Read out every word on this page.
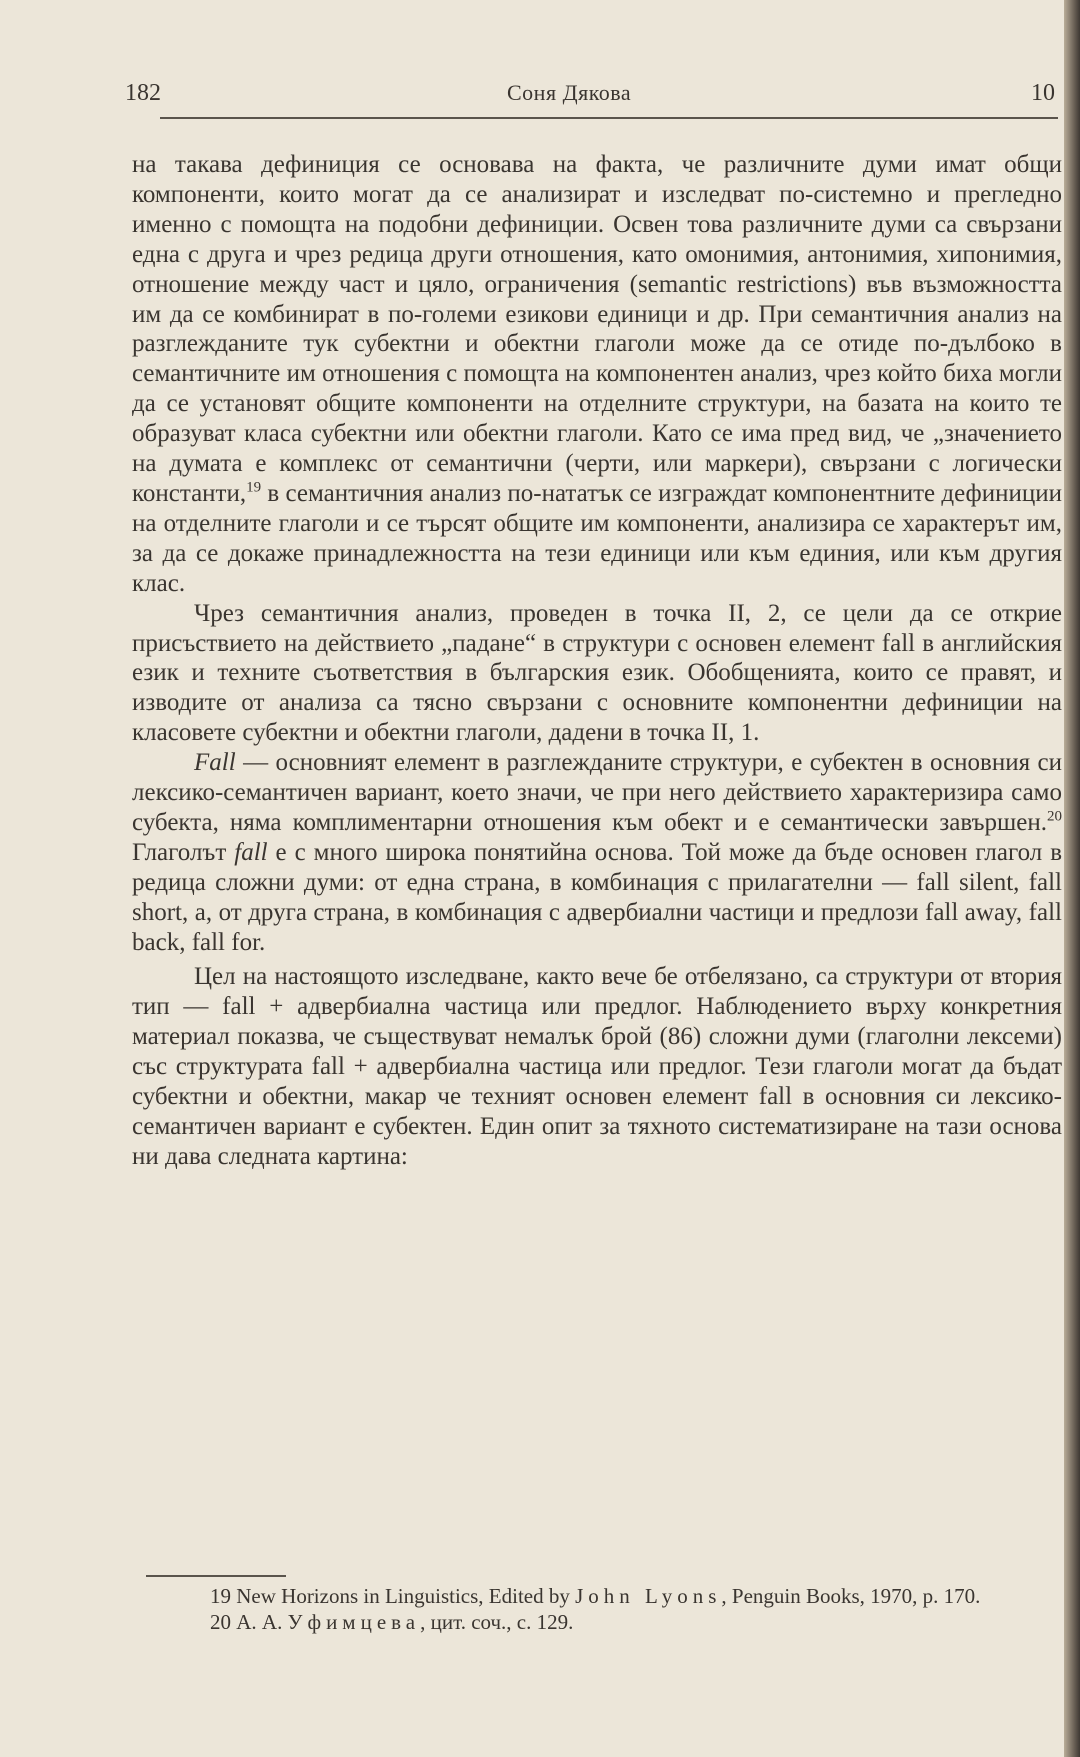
182	Соня Дякова	10

на такава дефиниция се основава на факта, че различните думи имат общи компоненти, които могат да се анализират и изследват по-системно и прегледно именно с помощта на подобни дефиниции. Освен това различните думи са свързани една с друга и чрез редица други отношения, като омонимия, антонимия, хипонимия, отношение между част и цяло, ограничения (semantic restrictions) във възможността им да се комбинират в по-големи езикови единици и др. При семантичния анализ на разглежданите тук субектни и обектни глаголи може да се отиде по-дълбоко в семантичните им отношения с помощта на компонентен анализ, чрез който биха могли да се установят общите компоненти на отделните структури, на базата на които те образуват класа субектни или обектни глаголи. Като се има пред вид, че „значението на думата е комплекс от семантични (черти, или маркери), свързани с логически константи,$^{19}$ в семантичния анализ по-нататък се изграждат компонентните дефиниции на отделните глаголи и се търсят общите им компоненти, анализира се характерът им, за да се докаже принадлежността на тези единици или към единия, или към другия клас.

Чрез семантичния анализ, проведен в точка II, 2, се цели да се открие присъствието на действието „падане“ в структури с основен елемент fall в английския език и техните съответствия в българския език. Обобщенията, които се правят, и изводите от анализа са тясно свързани с основните компонентни дефиниции на класовете субектни и обектни глаголи, дадени в точка II, 1.

Fall — основният елемент в разглежданите структури, е субектен в основния си лексико-семантичен вариант, което значи, че при него действието характеризира само субекта, няма комплиментарни отношения към обект и е семантически завършен.$^{20}$ Глаголът fall е с много широка понятийна основа. Той може да бъде основен глагол в редица сложни думи: от една страна, в комбинация с прилагателни — fall silent, fall short, а, от друга страна, в комбинация с адвербиални частици и предлози fall away, fall back, fall for.

Цел на настоящото изследване, както вече бе отбелязано, са структури от втория тип — fall + адвербиална частица или предлог. Наблюдението върху конкретния материал показва, че съществуват немалък брой (86) сложни думи (глаголни лексеми) със структурата fall + адвербиална частица или предлог. Тези глаголи могат да бъдат субектни и обектни, макар че техният основен елемент fall в основния си лексико-семантичен вариант е субектен. Един опит за тяхното систематизиране на тази основа ни дава следната картина:

19 New Horizons in Linguistics, Edited by John Lyons, Penguin Books, 1970, p. 170.

20 А. А. Уфимцева, цит. соч., с. 129.
